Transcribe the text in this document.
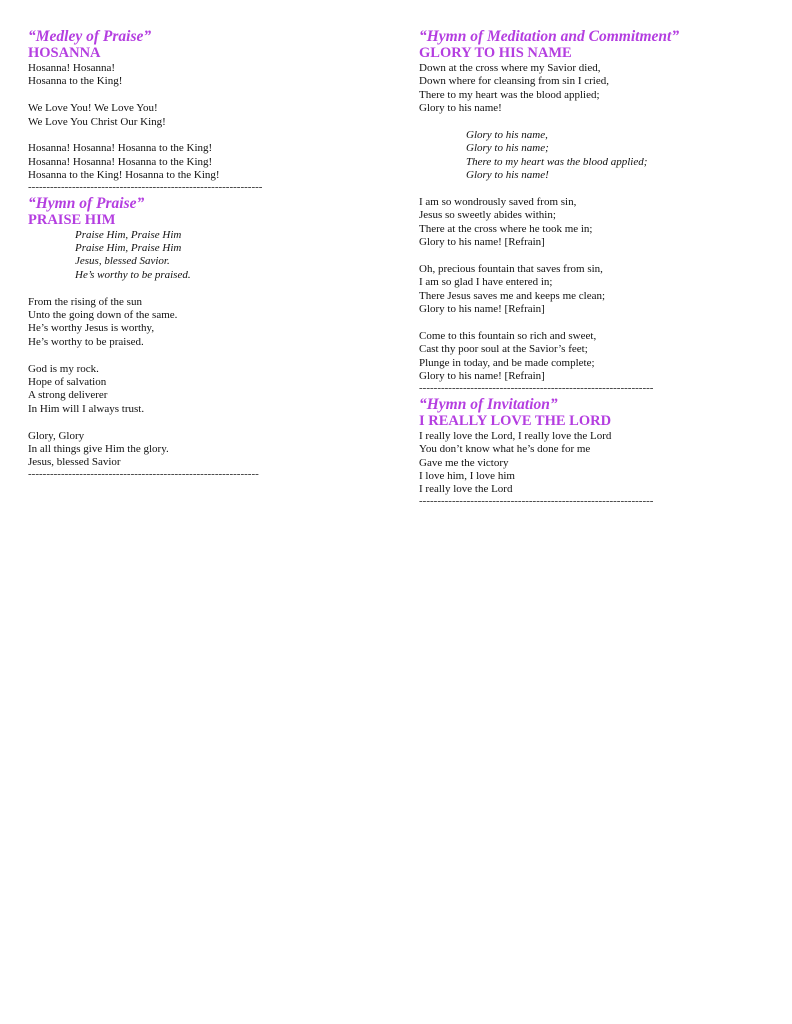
“Medley of Praise”
HOSANNA
Hosanna! Hosanna!
Hosanna to the King!
We Love You! We Love You!
We Love You Christ Our King!
Hosanna! Hosanna! Hosanna to the King!
Hosanna! Hosanna! Hosanna to the King!
Hosanna to the King! Hosanna to the King!
----------------------------------------------------------------
“Hymn of Praise”
PRAISE HIM
Praise Him, Praise Him
Praise Him, Praise Him
Jesus, blessed Savior.
He’s worthy to be praised.
From the rising of the sun
Unto the going down of the same.
He’s worthy Jesus is worthy,
He’s worthy to be praised.
God is my rock.
Hope of salvation
A strong deliverer
In Him will I always trust.
Glory, Glory
In all things give Him the glory.
Jesus, blessed Savior
---------------------------------------------------------------
“Hymn of Meditation and Commitment”
GLORY TO HIS NAME
Down at the cross where my Savior died,
Down where for cleansing from sin I cried,
There to my heart was the blood applied;
Glory to his name!
Glory to his name,
Glory to his name;
There to my heart was the blood applied;
Glory to his name!
I am so wondrously saved from sin,
Jesus so sweetly abides within;
There at the cross where he took me in;
Glory to his name! [Refrain]
Oh, precious fountain that saves from sin,
I am so glad I have entered in;
There Jesus saves me and keeps me clean;
Glory to his name! [Refrain]
Come to this fountain so rich and sweet,
Cast thy poor soul at the Savior’s feet;
Plunge in today, and be made complete;
Glory to his name! [Refrain]
----------------------------------------------------------------
“Hymn of Invitation”
I REALLY LOVE THE LORD
I really love the Lord, I really love the Lord
You don’t know what he’s done for me
Gave me the victory
I love him, I love him
I really love the Lord
----------------------------------------------------------------
